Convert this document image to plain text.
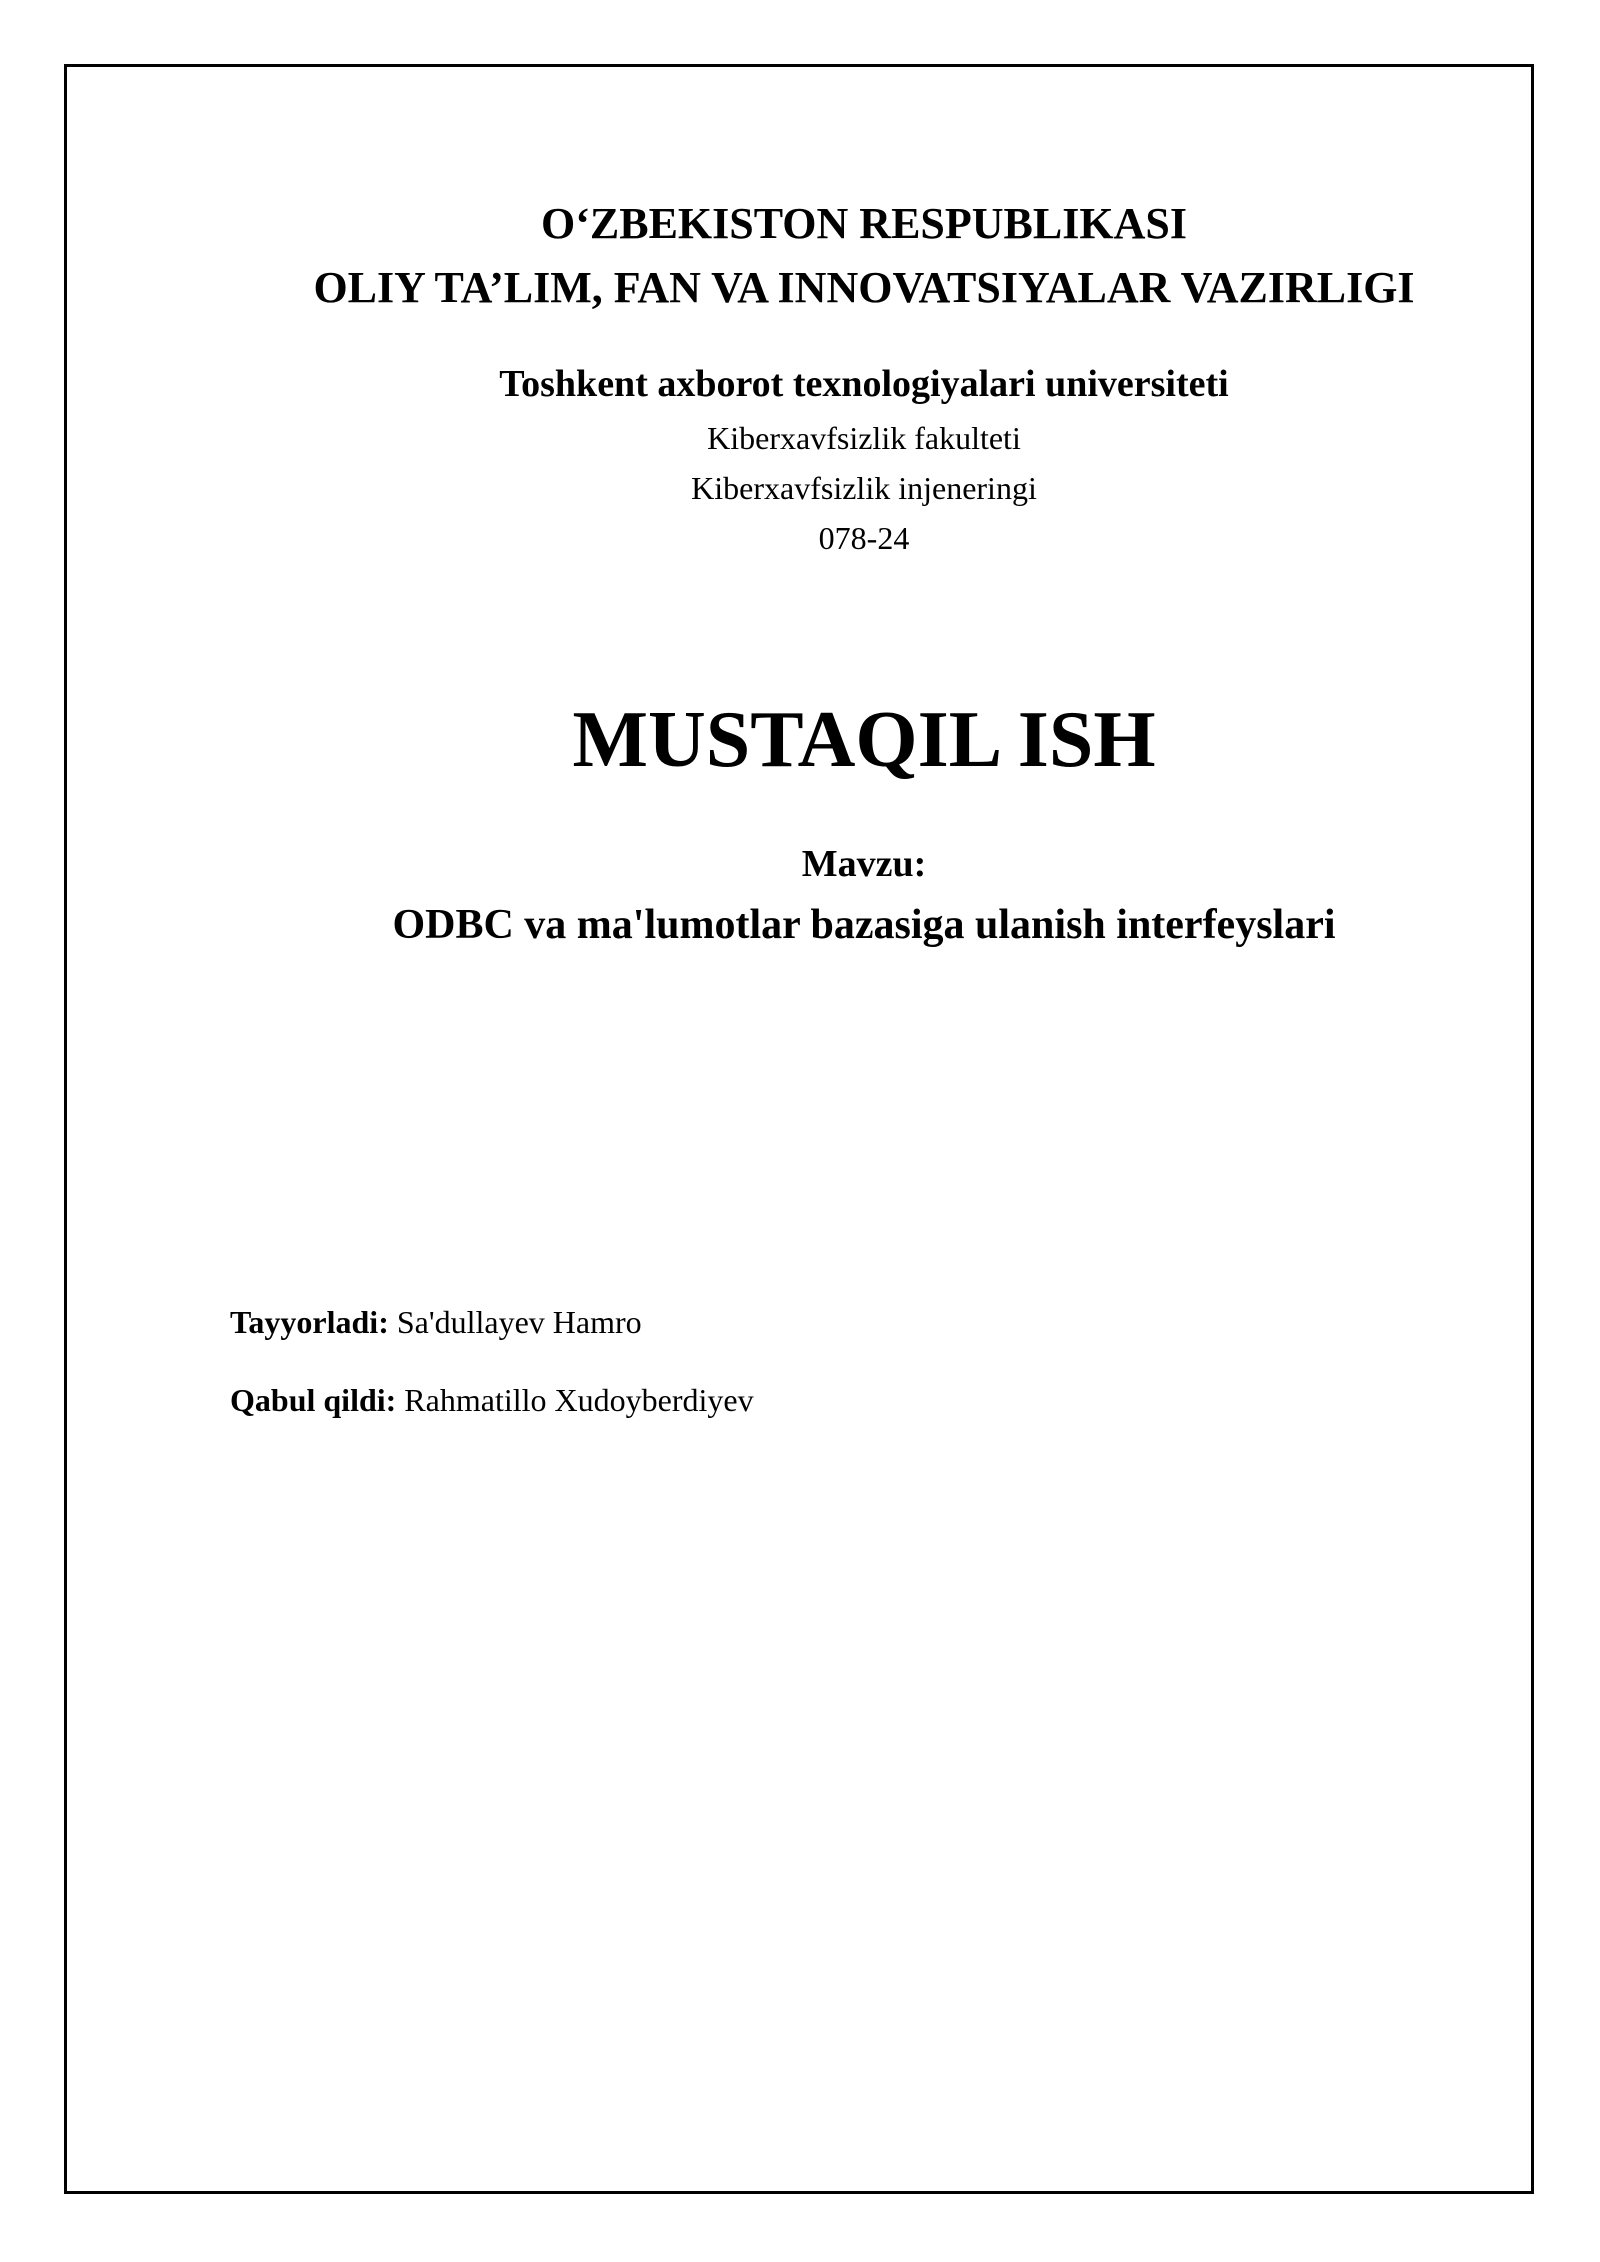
O‘ZBEKISTON RESPUBLIKASI
OLIY TA’LIM, FAN VA INNOVATSIYALAR VAZIRLIGI
Toshkent axborot texnologiyalari universiteti
Kiberxavfsizlik fakulteti
Kiberxavfsizlik injeneringi
078-24
MUSTAQIL ISH
Mavzu:
ODBC va ma'lumotlar bazasiga ulanish interfeyslari
Tayyorladi: Sa'dullayev Hamro
Qabul qildi: Rahmatillo Xudoyberdiyev
